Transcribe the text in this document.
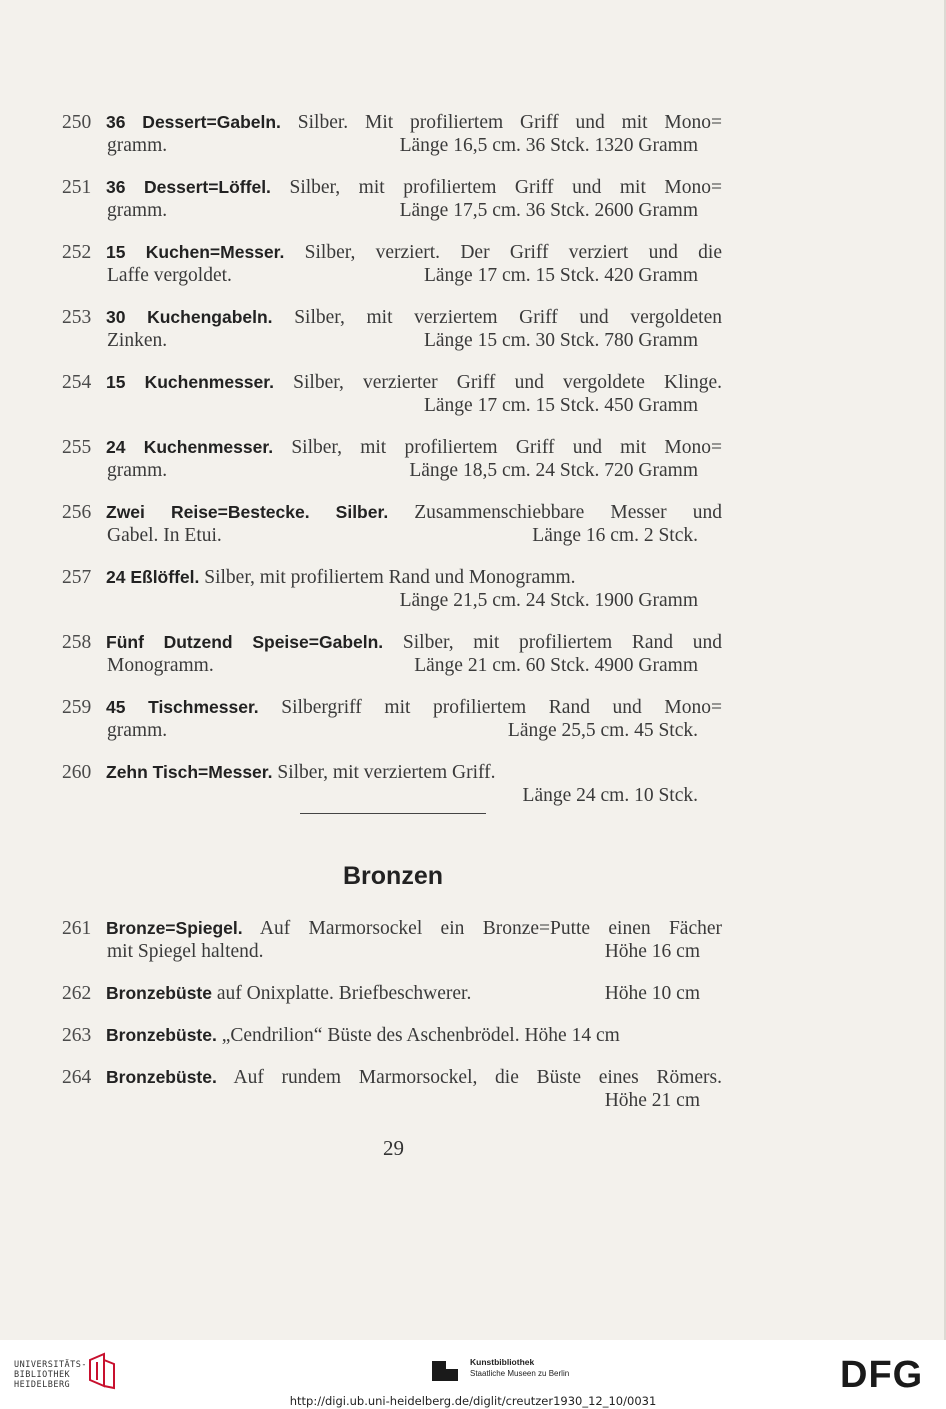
250 36 Dessert=Gabeln. Silber. Mit profiliertem Griff und mit Mono=
gramm.	Länge 16,5 cm. 36 Stck. 1320 Gramm
251 36 Dessert=Löffel. Silber, mit profiliertem Griff und mit Mono=
gramm.	Länge 17,5 cm. 36 Stck. 2600 Gramm
252 15 Kuchen=Messer. Silber, verziert. Der Griff verziert und die
Laffe vergoldet.	Länge 17 cm. 15 Stck. 420 Gramm
253 30 Kuchengabeln. Silber, mit verziertem Griff und vergoldeten
Zinken.	Länge 15 cm. 30 Stck. 780 Gramm
254 15 Kuchenmesser. Silber, verzierter Griff und vergoldete Klinge.
Länge 17 cm. 15 Stck. 450 Gramm
255 24 Kuchenmesser. Silber, mit profiliertem Griff und mit Mono=
gramm.	Länge 18,5 cm. 24 Stck. 720 Gramm
256 Zwei Reise=Bestecke. Silber. Zusammenschiebbare Messer und
Gabel. In Etui.	Länge 16 cm. 2 Stck.
257 24 Eßlöffel. Silber, mit profiliertem Rand und Monogramm.
Länge 21,5 cm. 24 Stck. 1900 Gramm
258 Fünf Dutzend Speise=Gabeln. Silber, mit profiliertem Rand und
Monogramm.	Länge 21 cm. 60 Stck. 4900 Gramm
259 45 Tischmesser. Silbergriff mit profiliertem Rand und Mono=
gramm.	Länge 25,5 cm. 45 Stck.
260 Zehn Tisch=Messer. Silber, mit verziertem Griff.
Länge 24 cm. 10 Stck.
Bronzen
261 Bronze=Spiegel. Auf Marmorsockel ein Bronze=Putte einen Fächer
mit Spiegel haltend.	Höhe 16 cm
262 Bronzebüste auf Onixplatte. Briefbeschwerer.	Höhe 10 cm
263 Bronzebüste. „Cendrilion“ Büste des Aschenbrödel. Höhe 14 cm
264 Bronzebüste. Auf rundem Marmorsockel, die Büste eines Römers.
Höhe 21 cm
29
UNIVERSITÄTS-
BIBLIOTHEK
HEIDELBERG
Kunstbibliothek
Staatliche Museen zu Berlin	DFG
http://digi.ub.uni-heidelberg.de/diglit/creutzer1930_12_10/0031
